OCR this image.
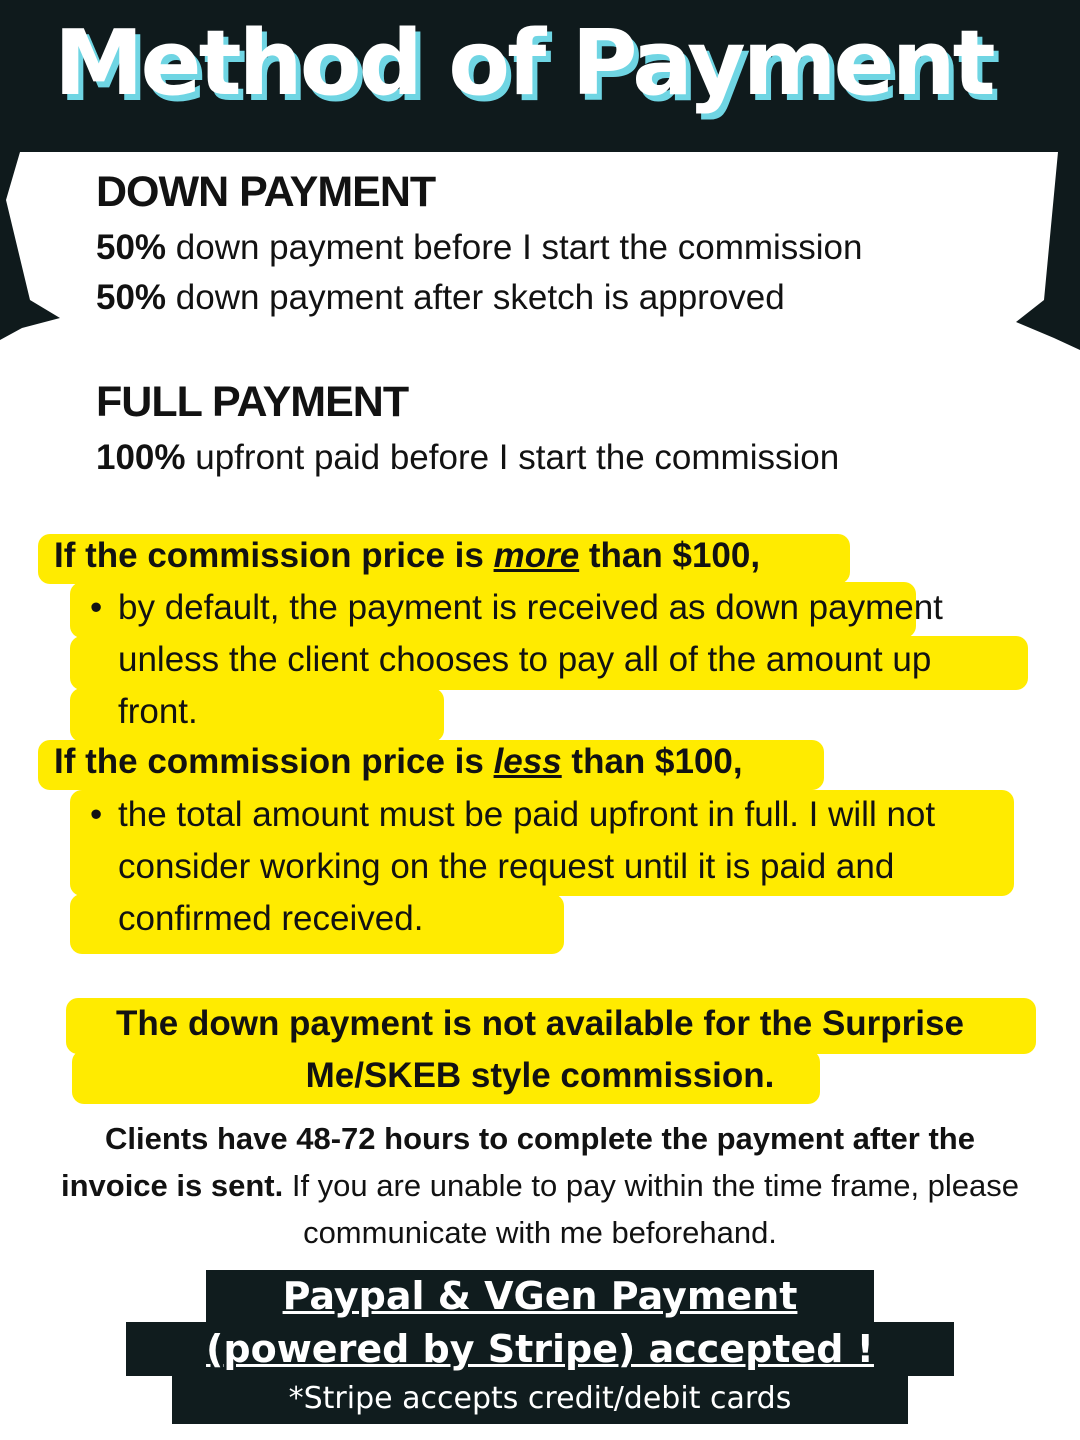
Method of Payment
DOWN PAYMENT

50% down payment before I start the commission

50% down payment after sketch is approved

FULL PAYMENT

100% upfront paid before I start the commission

If the commission price is more than $100,

• by default, the payment is received as down payment unless the client chooses to pay all of the amount up front.

If the commission price is less than $100,

• the total amount must be paid upfront in full. I will not consider working on the request until it is paid and confirmed received.

The down payment is not available for the Surprise Me/SKEB style commission.

Clients have 48-72 hours to complete the payment after the invoice is sent. If you are unable to pay within the time frame, please communicate with me beforehand.

Paypal & VGen Payment

(powered by Stripe) accepted !

*Stripe accepts credit/debit cards
